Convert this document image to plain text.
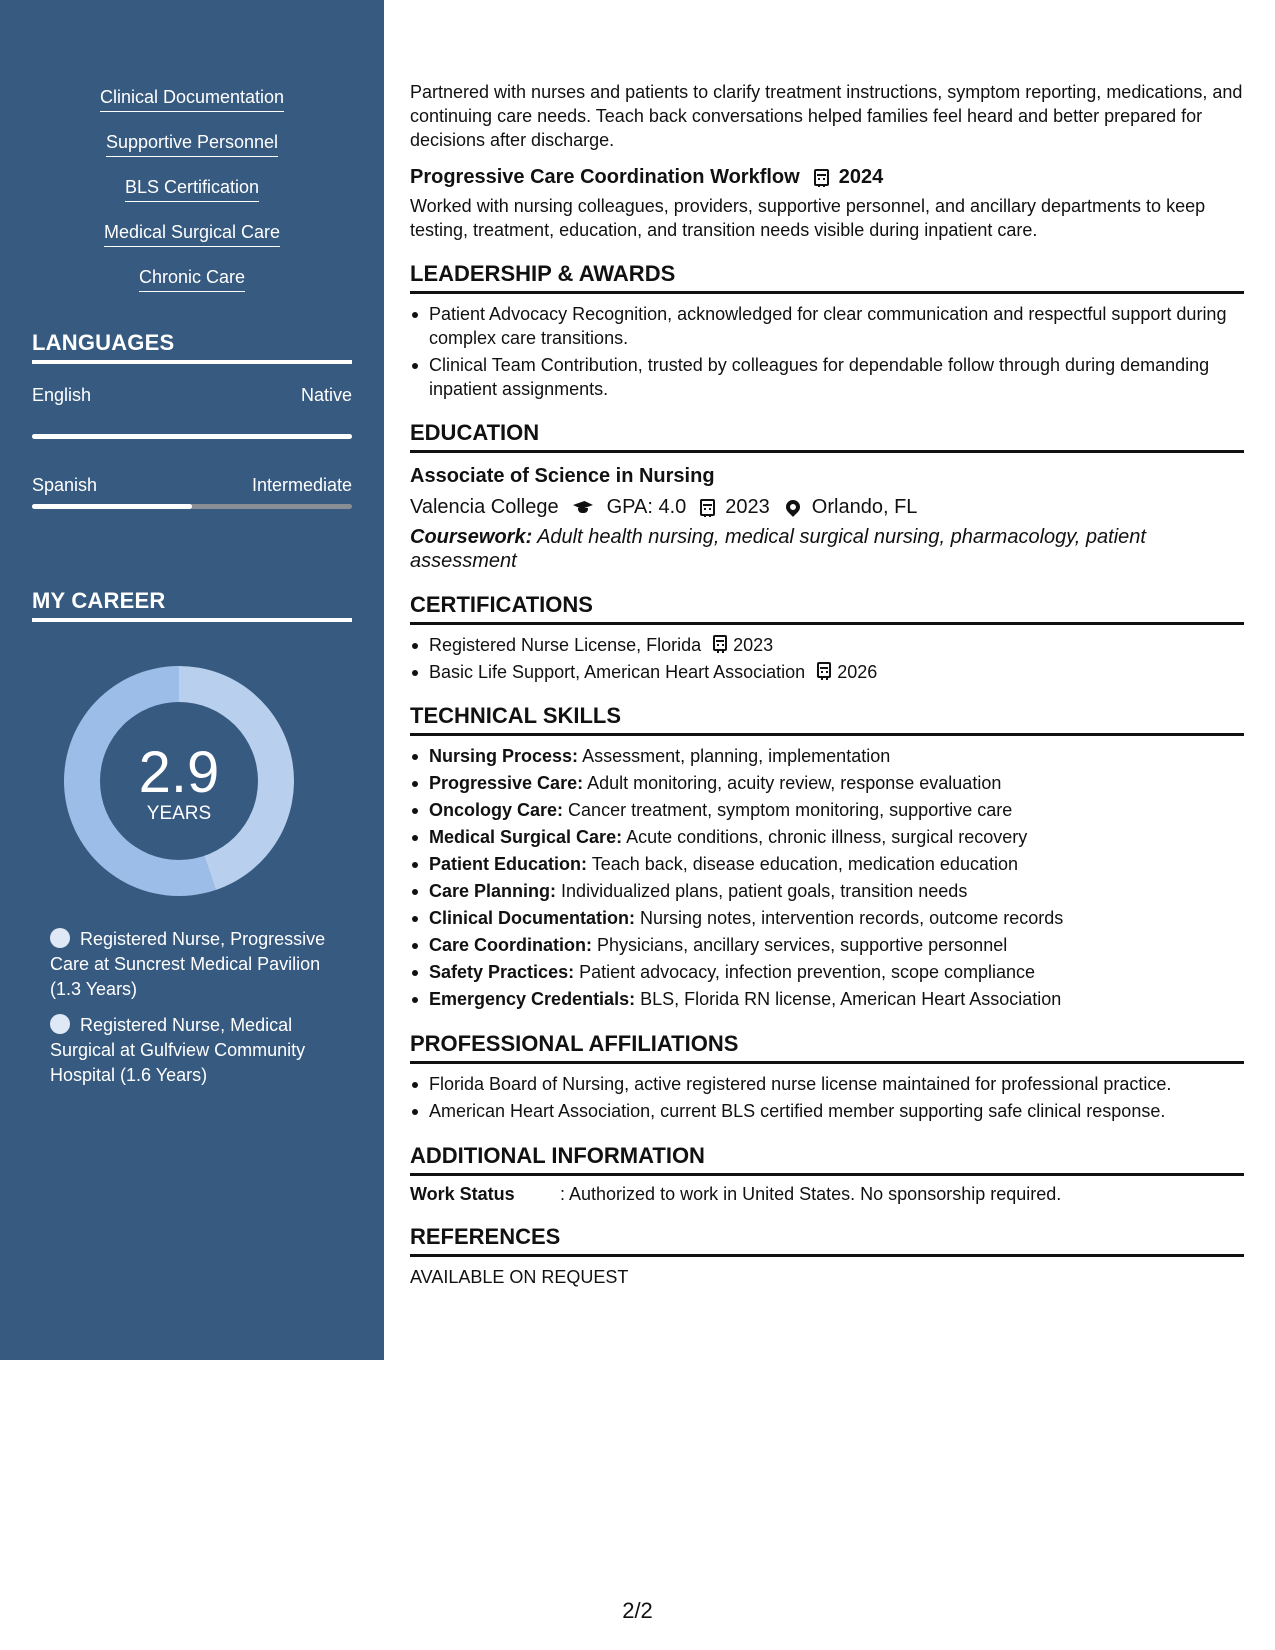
Clinical Documentation
Supportive Personnel
BLS Certification
Medical Surgical Care
Chronic Care
LANGUAGES
English	Native
Spanish	Intermediate
MY CAREER
2.9
YEARS
Registered Nurse, Progressive Care at Suncrest Medical Pavilion (1.3 Years)
Registered Nurse, Medical Surgical at Gulfview Community Hospital (1.6 Years)

Partnered with nurses and patients to clarify treatment instructions, symptom reporting, medications, and continuing care needs. Teach back conversations helped families feel heard and better prepared for decisions after discharge.

Progressive Care Coordination Workflow 2024

Worked with nursing colleagues, providers, supportive personnel, and ancillary departments to keep testing, treatment, education, and transition needs visible during inpatient care.

LEADERSHIP & AWARDS
Patient Advocacy Recognition, acknowledged for clear communication and respectful support during complex care transitions.
Clinical Team Contribution, trusted by colleagues for dependable follow through during demanding inpatient assignments.
EDUCATION
Associate of Science in Nursing
Valencia College GPA: 4.0 2023 Orlando, FL

Coursework: Adult health nursing, medical surgical nursing, pharmacology, patient assessment

CERTIFICATIONS
Registered Nurse License, Florida 2023
Basic Life Support, American Heart Association 2026
TECHNICAL SKILLS
Nursing Process: Assessment, planning, implementation
Progressive Care: Adult monitoring, acuity review, response evaluation
Oncology Care: Cancer treatment, symptom monitoring, supportive care
Medical Surgical Care: Acute conditions, chronic illness, surgical recovery
Patient Education: Teach back, disease education, medication education
Care Planning: Individualized plans, patient goals, transition needs
Clinical Documentation: Nursing notes, intervention records, outcome records
Care Coordination: Physicians, ancillary services, supportive personnel
Safety Practices: Patient advocacy, infection prevention, scope compliance
Emergency Credentials: BLS, Florida RN license, American Heart Association
PROFESSIONAL AFFILIATIONS
Florida Board of Nursing, active registered nurse license maintained for professional practice.
American Heart Association, current BLS certified member supporting safe clinical response.
ADDITIONAL INFORMATION
Work Status	: Authorized to work in United States. No sponsorship required.
REFERENCES
AVAILABLE ON REQUEST
2/2
